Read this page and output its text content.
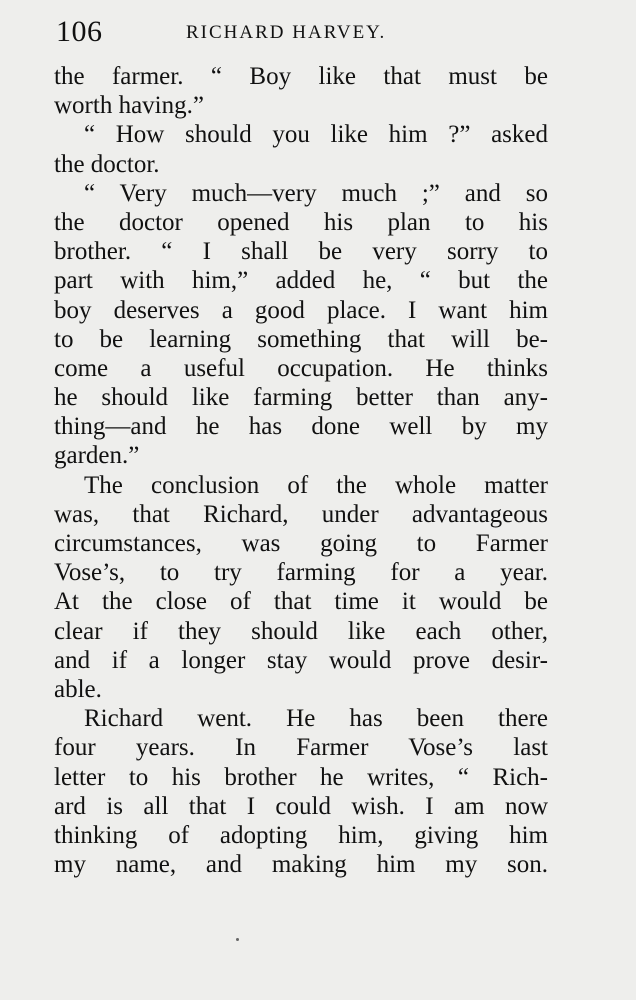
106	RICHARD HARVEY.
the farmer. “ Boy like that must be
worth having.”
“ How should you like him ?” asked
the doctor.
“ Very much—very much ;” and so
the doctor opened his plan to his
brother. “ I shall be very sorry to
part with him,” added he, “ but the
boy deserves a good place. I want him
to be learning something that will be-
come a useful occupation. He thinks
he should like farming better than any-
thing—and he has done well by my
garden.”
The conclusion of the whole matter
was, that Richard, under advantageous
circumstances, was going to Farmer
Vose’s, to try farming for a year.
At the close of that time it would be
clear if they should like each other,
and if a longer stay would prove desir-
able.
Richard went. He has been there
four years. In Farmer Vose’s last
letter to his brother he writes, “ Rich-
ard is all that I could wish. I am now
thinking of adopting him, giving him
my name, and making him my son.
